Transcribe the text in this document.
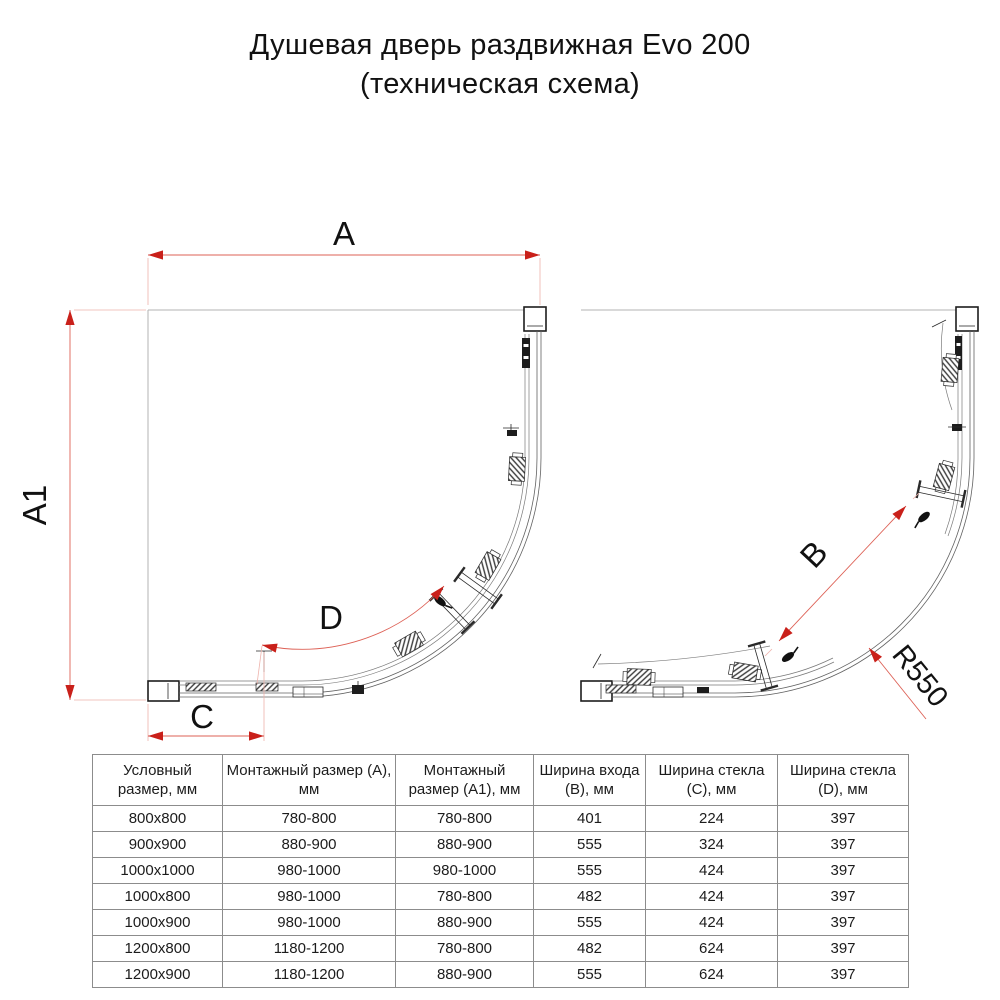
Душевая дверь раздвижная Evo 200
(техническая схема)
A
A1
C
D
B
R550
Условный размер, мм	Монтажный размер (A), мм	Монтажный размер (A1), мм	Ширина входа (B), мм	Ширина стекла (C), мм	Ширина стекла (D), мм
800x800	780-800	780-800	401	224	397
900x900	880-900	880-900	555	324	397
1000x1000	980-1000	980-1000	555	424	397
1000x800	980-1000	780-800	482	424	397
1000x900	980-1000	880-900	555	424	397
1200x800	1180-1200	780-800	482	624	397
1200x900	1180-1200	880-900	555	624	397
